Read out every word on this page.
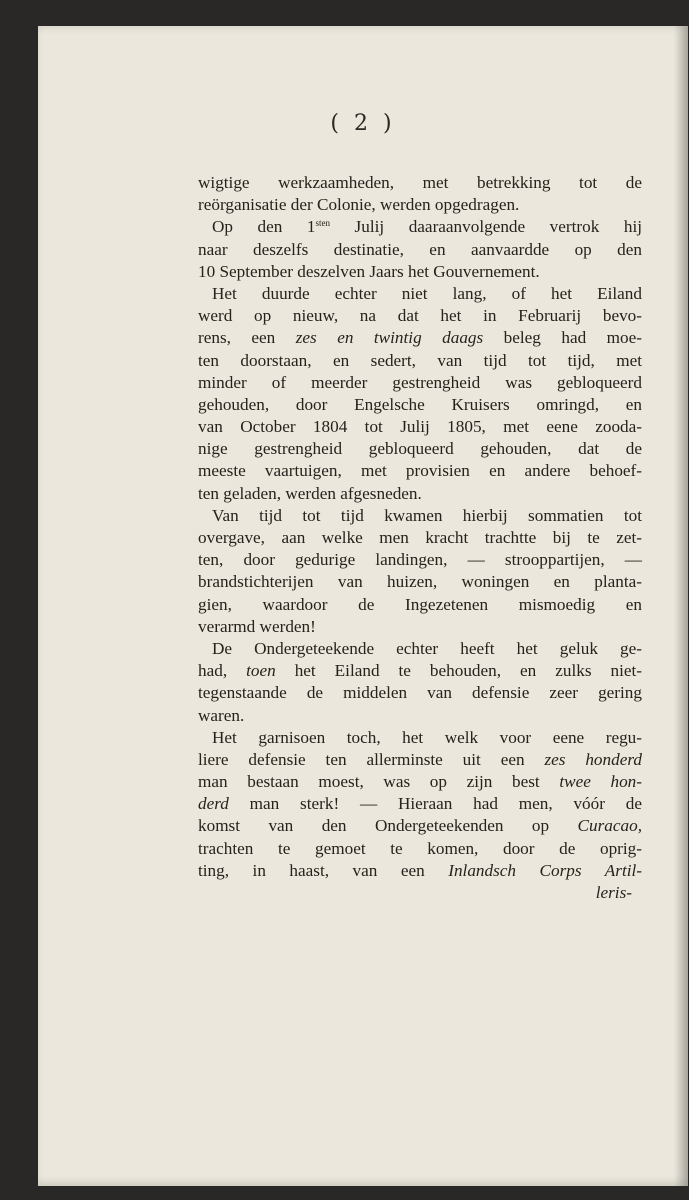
( 2 )
wigtige werkzaamheden, met betrekking tot de
reörganisatie der Colonie, werden opgedragen.
Op den $1^{sten}$ Julij daaraanvolgende vertrok hij
naar deszelfs destinatie, en aanvaardde op den
10 September deszelven Jaars het Gouvernement.
Het duurde echter niet lang, of het Eiland
werd op nieuw, na dat het in Februarij bevo-
rens, een zes en twintig daags beleg had moe-
ten doorstaan, en sedert, van tijd tot tijd, met
minder of meerder gestrengheid was gebloqueerd
gehouden, door Engelsche Kruisers omringd, en
van October 1804 tot Julij 1805, met eene zooda-
nige gestrengheid gebloqueerd gehouden, dat de
meeste vaartuigen, met provisien en andere behoef-
ten geladen, werden afgesneden.
Van tijd tot tijd kwamen hierbij sommatien tot
overgave, aan welke men kracht trachtte bij te zet-
ten, door gedurige landingen, — strooppartijen, —
brandstichterijen van huizen, woningen en planta-
gien, waardoor de Ingezetenen mismoedig en
verarmd werden!
De Ondergeteekende echter heeft het geluk ge-
had, toen het Eiland te behouden, en zulks niet-
tegenstaande de middelen van defensie zeer gering
waren.
Het garnisoen toch, het welk voor eene regu-
liere defensie ten allerminste uit een zes honderd
man bestaan moest, was op zijn best twee hon-
derd man sterk! — Hieraan had men, vóór de
komst van den Ondergeteekenden op Curacao,
trachten te gemoet te komen, door de oprig-
ting, in haast, van een Inlandsch Corps Artil-
leris-
